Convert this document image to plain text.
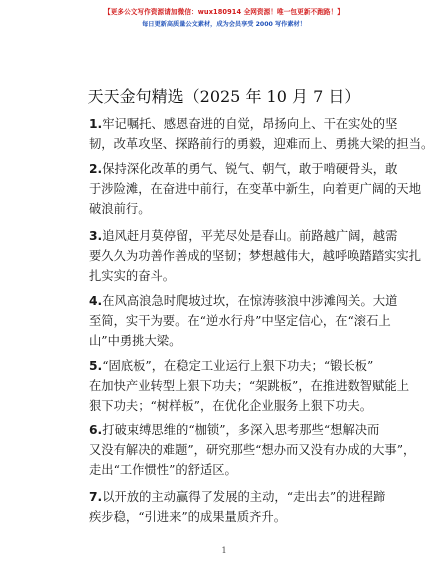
【更多公文写作资源请加微信：wux180914 全网资源！唯一包更新不跑路！】
每日更新高质量公文素材，成为会员享受 2000 写作素材！
天天金句精选（2025 年 10 月 7 日）
1.牢记嘱托、感恩奋进的自觉，昂扬向上、干在实处的坚
韧，改革攻坚、探路前行的勇毅，迎难而上、勇挑大梁的担当。
2.保持深化改革的勇气、锐气、朝气，敢于啃硬骨头，敢
于涉险滩，在奋进中前行，在变革中新生，向着更广阔的天地
破浪前行。
3.追风赶月莫停留，平芜尽处是春山。前路越广阔，越需
要久久为功善作善成的坚韧；梦想越伟大，越呼唤踏踏实实扎
扎实实的奋斗。
4.在风高浪急时爬坡过坎，在惊涛骇浪中涉滩闯关。大道
至简，实干为要。在“逆水行舟”中坚定信心，在“滚石上
山”中勇挑大梁。
5.“固底板”，在稳定工业运行上狠下功夫；“锻长板”
在加快产业转型上狠下功夫；“架跳板”，在推进数智赋能上
狠下功夫；“树样板”，在优化企业服务上狠下功夫。
6.打破束缚思维的“枷锁”，多深入思考那些“想解决而
又没有解决的难题”，研究那些“想办而又没有办成的大事”，
走出“工作惯性”的舒适区。
7.以开放的主动赢得了发展的主动，“走出去”的进程蹄
疾步稳，“引进来”的成果量质齐升。
1
